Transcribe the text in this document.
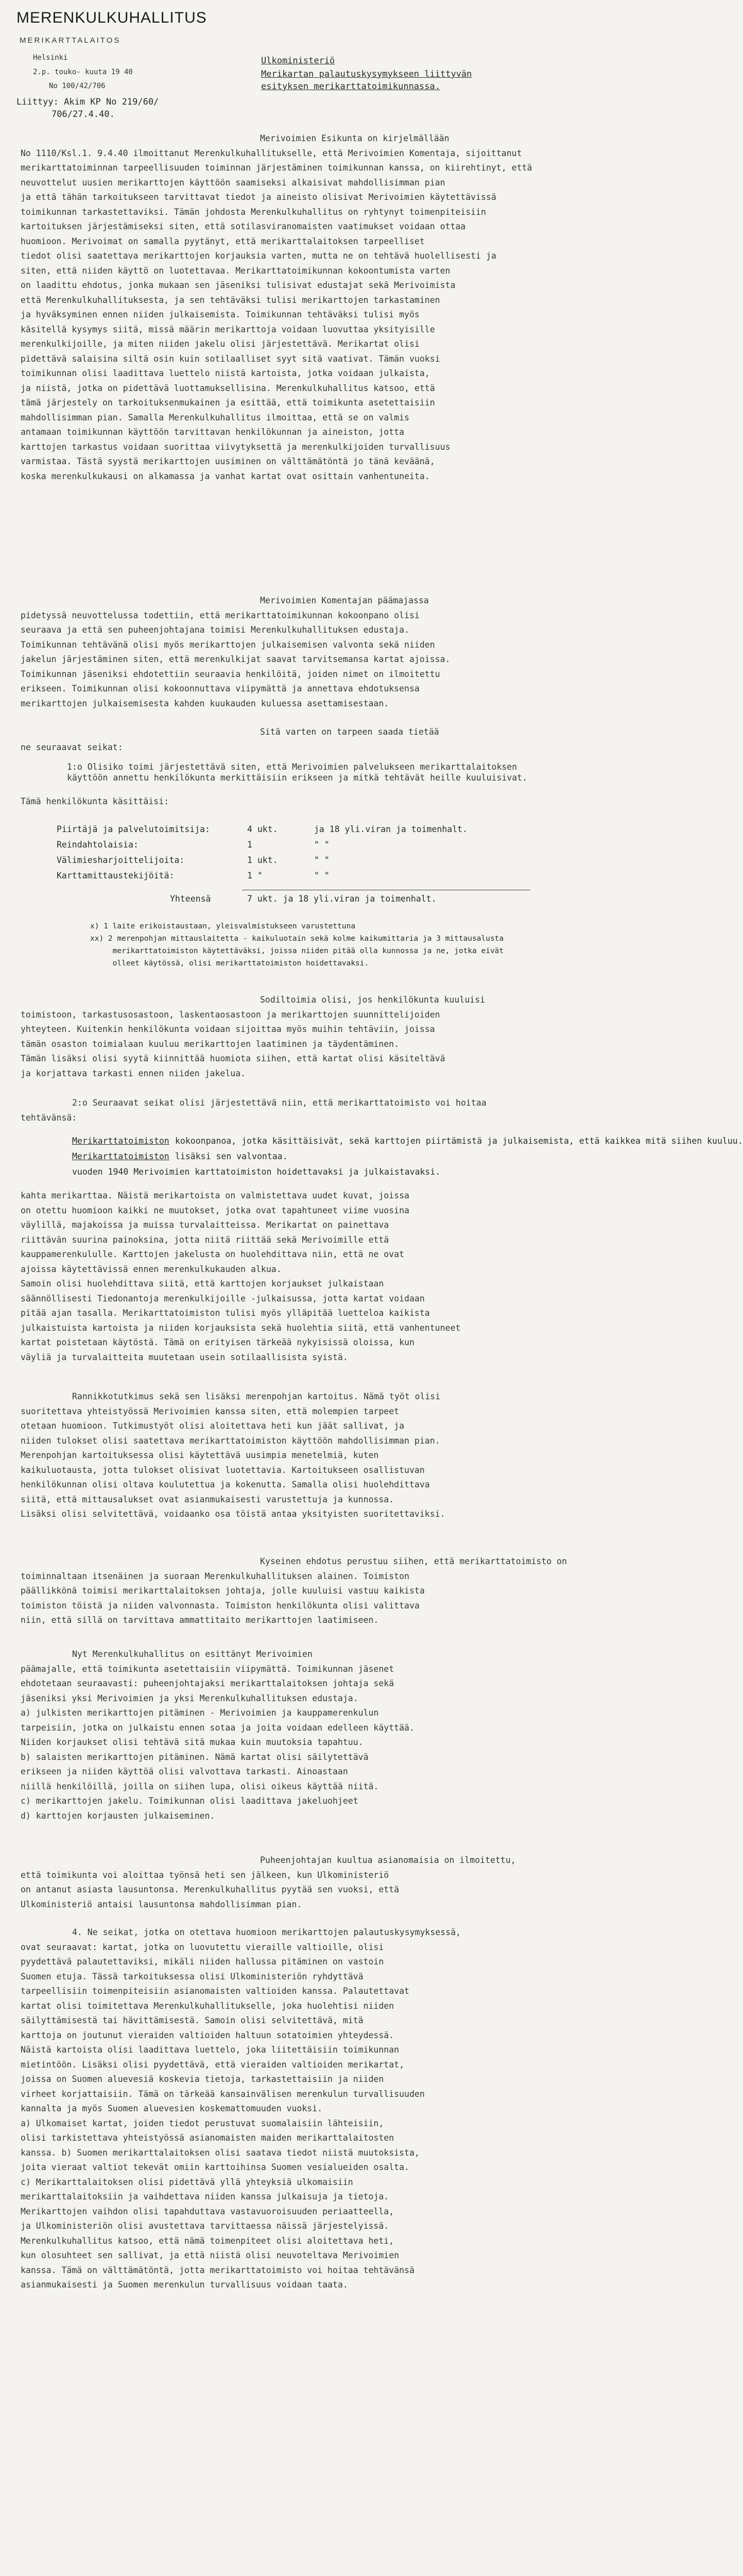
MERENKULKUHALLITUS
MERIKARTTALAITOS
Helsinki
2.p. touko- kuuta 19 40
No 100/42/706
Liittyy: Akim KP No 219/60/
706/27.4.40.
Ulkoministeriö
Merikartan palautuskysymykseen liittyvän
esityksen merikarttatoimikunnassa.
Merivoimien Esikunta on kirjelmällään
No 1110/Ksl.1. 9.4.40 ilmoittanut Merenkulkuhallitukselle, että Merivoimien Komentaja, sijoittanut
merikarttatoiminnan tarpeellisuuden toiminnan järjestäminen toimikunnan kanssa, on kiirehtinyt, että
neuvottelut uusien merikarttojen käyttöön saamiseksi alkaisivat mahdollisimman pian
ja että tähän tarkoitukseen tarvittavat tiedot ja aineisto olisivat Merivoimien käytettävissä
toimikunnan tarkastettaviksi. Tämän johdosta Merenkulkuhallitus on ryhtynyt toimenpiteisiin
kartoituksen järjestämiseksi siten, että sotilasviranomaisten vaatimukset voidaan ottaa
huomioon. Merivoimat on samalla pyytänyt, että merikarttalaitoksen tarpeelliset
tiedot olisi saatettava merikarttojen korjauksia varten, mutta ne on tehtävä huolellisesti ja
siten, että niiden käyttö on luotettavaa. Merikarttatoimikunnan kokoontumista varten
on laadittu ehdotus, jonka mukaan sen jäseniksi tulisivat edustajat sekä Merivoimista
että Merenkulkuhallituksesta, ja sen tehtäväksi tulisi merikarttojen tarkastaminen
ja hyväksyminen ennen niiden julkaisemista. Toimikunnan tehtäväksi tulisi myös
käsitellä kysymys siitä, missä määrin merikarttoja voidaan luovuttaa yksityisille
merenkulkijoille, ja miten niiden jakelu olisi järjestettävä. Merikartat olisi
pidettävä salaisina siltä osin kuin sotilaalliset syyt sitä vaativat. Tämän vuoksi
toimikunnan olisi laadittava luettelo niistä kartoista, jotka voidaan julkaista,
ja niistä, jotka on pidettävä luottamuksellisina. Merenkulkuhallitus katsoo, että
tämä järjestely on tarkoituksenmukainen ja esittää, että toimikunta asetettaisiin
mahdollisimman pian. Samalla Merenkulkuhallitus ilmoittaa, että se on valmis
antamaan toimikunnan käyttöön tarvittavan henkilökunnan ja aineiston, jotta
karttojen tarkastus voidaan suorittaa viivytyksettä ja merenkulkijoiden turvallisuus
varmistaa. Tästä syystä merikarttojen uusiminen on välttämätöntä jo tänä keväänä,
koska merenkulkukausi on alkamassa ja vanhat kartat ovat osittain vanhentuneita.
Merivoimien Komentajan päämajassa
pidetyssä neuvottelussa todettiin, että merikarttatoimikunnan kokoonpano olisi
seuraava ja että sen puheenjohtajana toimisi Merenkulkuhallituksen edustaja.
Toimikunnan tehtävänä olisi myös merikarttojen julkaisemisen valvonta sekä niiden
jakelun järjestäminen siten, että merenkulkijat saavat tarvitsemansa kartat ajoissa.
Toimikunnan jäseniksi ehdotettiin seuraavia henkilöitä, joiden nimet on ilmoitettu
erikseen. Toimikunnan olisi kokoonnuttava viipymättä ja annettava ehdotuksensa
merikarttojen julkaisemisesta kahden kuukauden kuluessa asettamisestaan.
Sitä varten on tarpeen saada tietää
ne seuraavat seikat:
1:o Olisiko toimi järjestettävä siten, että Merivoimien palvelukseen merikarttalaitoksen käyttöön annettu henkilökunta merkittäisiin erikseen ja mitkä tehtävät heille kuuluisivat.
Tämä henkilökunta käsittäisi:
Piirtäjä ja palvelutoimitsija:	4 ukt.	ja 18 yli.viran ja toimenhalt.
Reindahtolaisia:	1	" "
Välimiesharjoittelijoita:	1 ukt.	" "
Karttamittaustekijöitä:	1 "	" "
Yhteensä	7 ukt. ja 18 yli.viran ja toimenhalt.
x) 1 laite erikoistaustaan, yleisvalmistukseen varustettuna
xx) 2 merenpohjan mittauslaitetta - kaikuluotain sekä kolme kaikumittaria ja 3 mittausalusta
merikarttatoimiston käytettäväksi, joissa niiden pitää olla kunnossa ja ne, jotka eivät
olleet käytössä, olisi merikarttatoimiston hoidettavaksi.
Sodiltoimia olisi, jos henkilökunta kuuluisi
toimistoon, tarkastusosastoon, laskentaosastoon ja merikarttojen suunnittelijoiden
yhteyteen. Kuitenkin henkilökunta voidaan sijoittaa myös muihin tehtäviin, joissa
tämän osaston toimialaan kuuluu merikarttojen laatiminen ja täydentäminen.
Tämän lisäksi olisi syytä kiinnittää huomiota siihen, että kartat olisi käsiteltävä
ja korjattava tarkasti ennen niiden jakelua.
2:o Seuraavat seikat olisi järjestettävä niin, että merikarttatoimisto voi hoitaa
tehtävänsä:
Merikarttatoimiston kokoonpanoa, jotka käsittäisivät, sekä karttojen piirtämistä ja julkaisemista, että kaikkea mitä siihen kuuluu.
Merikarttatoimiston lisäksi sen valvontaa.
vuoden 1940 Merivoimien karttatoimiston hoidettavaksi ja julkaistavaksi.
kahta merikarttaa. Näistä merikartoista on valmistettava uudet kuvat, joissa
on otettu huomioon kaikki ne muutokset, jotka ovat tapahtuneet viime vuosina
väylillä, majakoissa ja muissa turvalaitteissa. Merikartat on painettava
riittävän suurina painoksina, jotta niitä riittää sekä Merivoimille että
kauppamerenkululle. Karttojen jakelusta on huolehdittava niin, että ne ovat
ajoissa käytettävissä ennen merenkulkukauden alkua.
Samoin olisi huolehdittava siitä, että karttojen korjaukset julkaistaan
säännöllisesti Tiedonantoja merenkulkijoille -julkaisussa, jotta kartat voidaan
pitää ajan tasalla. Merikarttatoimiston tulisi myös ylläpitää luetteloa kaikista
julkaistuista kartoista ja niiden korjauksista sekä huolehtia siitä, että vanhentuneet
kartat poistetaan käytöstä. Tämä on erityisen tärkeää nykyisissä oloissa, kun
väyliä ja turvalaitteita muutetaan usein sotilaallisista syistä.
Rannikkotutkimus sekä sen lisäksi merenpohjan kartoitus. Nämä työt olisi
suoritettava yhteistyössä Merivoimien kanssa siten, että molempien tarpeet
otetaan huomioon. Tutkimustyöt olisi aloitettava heti kun jäät sallivat, ja
niiden tulokset olisi saatettava merikarttatoimiston käyttöön mahdollisimman pian.
Merenpohjan kartoituksessa olisi käytettävä uusimpia menetelmiä, kuten
kaikuluotausta, jotta tulokset olisivat luotettavia. Kartoitukseen osallistuvan
henkilökunnan olisi oltava koulutettua ja kokenutta. Samalla olisi huolehdittava
siitä, että mittausalukset ovat asianmukaisesti varustettuja ja kunnossa.
Lisäksi olisi selvitettävä, voidaanko osa töistä antaa yksityisten suoritettaviksi.
Kyseinen ehdotus perustuu siihen, että merikarttatoimisto on
toiminnaltaan itsenäinen ja suoraan Merenkulkuhallituksen alainen. Toimiston
päällikkönä toimisi merikarttalaitoksen johtaja, jolle kuuluisi vastuu kaikista
toimiston töistä ja niiden valvonnasta. Toimiston henkilökunta olisi valittava
niin, että sillä on tarvittava ammattitaito merikarttojen laatimiseen.
Nyt Merenkulkuhallitus on esittänyt Merivoimien
päämajalle, että toimikunta asetettaisiin viipymättä. Toimikunnan jäsenet
ehdotetaan seuraavasti: puheenjohtajaksi merikarttalaitoksen johtaja sekä
jäseniksi yksi Merivoimien ja yksi Merenkulkuhallituksen edustaja.
a) julkisten merikarttojen pitäminen - Merivoimien ja kauppamerenkulun
tarpeisiin, jotka on julkaistu ennen sotaa ja joita voidaan edelleen käyttää.
Niiden korjaukset olisi tehtävä sitä mukaa kuin muutoksia tapahtuu.
b) salaisten merikarttojen pitäminen. Nämä kartat olisi säilytettävä
erikseen ja niiden käyttöä olisi valvottava tarkasti. Ainoastaan
niillä henkilöillä, joilla on siihen lupa, olisi oikeus käyttää niitä.
c) merikarttojen jakelu. Toimikunnan olisi laadittava jakeluohjeet
d) karttojen korjausten julkaiseminen.
Puheenjohtajan kuultua asianomaisia on ilmoitettu,
että toimikunta voi aloittaa työnsä heti sen jälkeen, kun Ulkoministeriö
on antanut asiasta lausuntonsa. Merenkulkuhallitus pyytää sen vuoksi, että
Ulkoministeriö antaisi lausuntonsa mahdollisimman pian.
4. Ne seikat, jotka on otettava huomioon merikarttojen palautuskysymyksessä,
ovat seuraavat: kartat, jotka on luovutettu vieraille valtioille, olisi
pyydettävä palautettaviksi, mikäli niiden hallussa pitäminen on vastoin
Suomen etuja. Tässä tarkoituksessa olisi Ulkoministeriön ryhdyttävä
tarpeellisiin toimenpiteisiin asianomaisten valtioiden kanssa. Palautettavat
kartat olisi toimitettava Merenkulkuhallitukselle, joka huolehtisi niiden
säilyttämisestä tai hävittämisestä. Samoin olisi selvitettävä, mitä
karttoja on joutunut vieraiden valtioiden haltuun sotatoimien yhteydessä.
Näistä kartoista olisi laadittava luettelo, joka liitettäisiin toimikunnan
mietintöön. Lisäksi olisi pyydettävä, että vieraiden valtioiden merikartat,
joissa on Suomen aluevesiä koskevia tietoja, tarkastettaisiin ja niiden
virheet korjattaisiin. Tämä on tärkeää kansainvälisen merenkulun turvallisuuden
kannalta ja myös Suomen aluevesien koskemattomuuden vuoksi.
a) Ulkomaiset kartat, joiden tiedot perustuvat suomalaisiin lähteisiin,
olisi tarkistettava yhteistyössä asianomaisten maiden merikarttalaitosten
kanssa. b) Suomen merikarttalaitoksen olisi saatava tiedot niistä muutoksista,
joita vieraat valtiot tekevät omiin karttoihinsa Suomen vesialueiden osalta.
c) Merikarttalaitoksen olisi pidettävä yllä yhteyksiä ulkomaisiin
merikarttalaitoksiin ja vaihdettava niiden kanssa julkaisuja ja tietoja.
Merikarttojen vaihdon olisi tapahduttava vastavuoroisuuden periaatteella,
ja Ulkoministeriön olisi avustettava tarvittaessa näissä järjestelyissä.
Merenkulkuhallitus katsoo, että nämä toimenpiteet olisi aloitettava heti,
kun olosuhteet sen sallivat, ja että niistä olisi neuvoteltava Merivoimien
kanssa. Tämä on välttämätöntä, jotta merikarttatoimisto voi hoitaa tehtävänsä
asianmukaisesti ja Suomen merenkulun turvallisuus voidaan taata.
